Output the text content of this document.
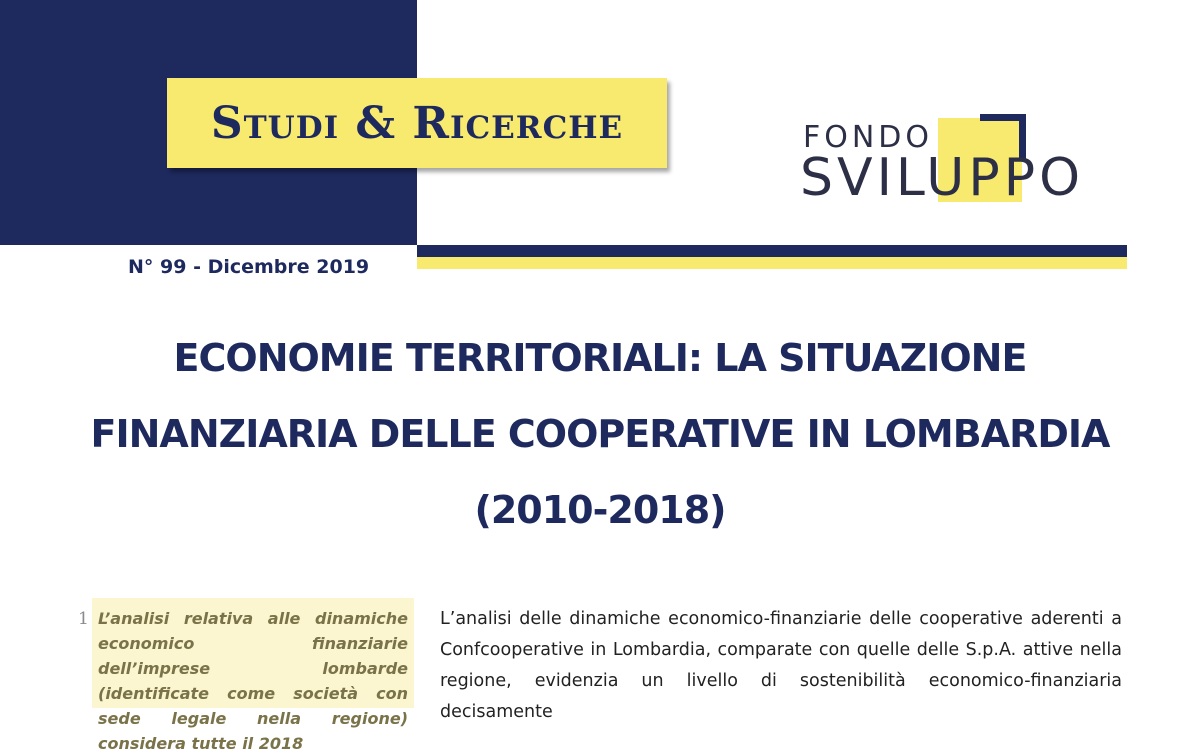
Studi & Ricerche	FONDO
SVILUPPO
N° 99 - Dicembre 2019
ECONOMIE TERRITORIALI: LA SITUAZIONE
FINANZIARIA DELLE COOPERATIVE IN LOMBARDIA
(2010-2018)
1 L’analisi relativa alle dinamiche economico finanziarie dell’imprese lombarde (identificate come società con sede legale nella regione) considera tutte il 2018
L’analisi delle dinamiche economico-finanziarie delle cooperative aderenti a Confcooperative in Lombardia, comparate con quelle delle S.p.A. attive nella regione, evidenzia un livello di sostenibilità economico-finanziaria decisamente
